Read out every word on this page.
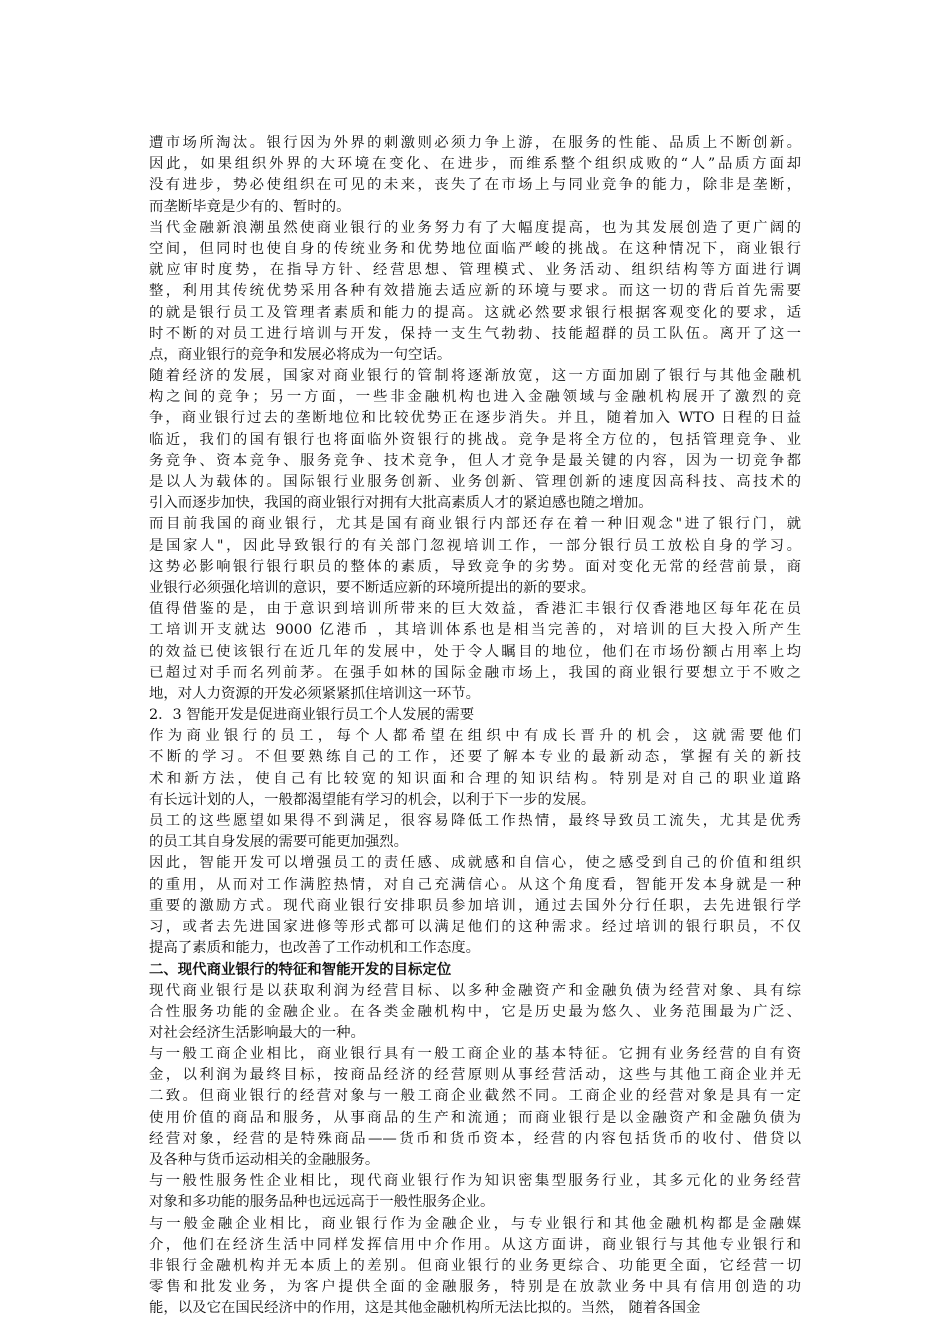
遭市场所淘汰。银行因为外界的刺激则必须力争上游，在服务的性能、品质上不断创新。
因此，如果组织外界的大环境在变化、在进步，而维系整个组织成败的“人”品质方面却
没有进步，势必使组织在可见的未来，丧失了在市场上与同业竞争的能力，除非是垄断，
而垄断毕竟是少有的、暂时的。
当代金融新浪潮虽然使商业银行的业务努力有了大幅度提高，也为其发展创造了更广阔的
空间，但同时也使自身的传统业务和优势地位面临严峻的挑战。在这种情况下，商业银行
就应审时度势，在指导方针、经营思想、管理模式、业务活动、组织结构等方面进行调
整，利用其传统优势采用各种有效措施去适应新的环境与要求。而这一切的背后首先需要
的就是银行员工及管理者素质和能力的提高。这就必然要求银行根据客观变化的要求，适
时不断的对员工进行培训与开发，保持一支生气勃勃、技能超群的员工队伍。离开了这一
点，商业银行的竞争和发展必将成为一句空话。
随着经济的发展，国家对商业银行的管制将逐渐放宽，这一方面加剧了银行与其他金融机
构之间的竞争；另一方面，一些非金融机构也进入金融领域与金融机构展开了激烈的竞
争，商业银行过去的垄断地位和比较优势正在逐步消失。并且，随着加入 WTO 日程的日益
临近，我们的国有银行也将面临外资银行的挑战。竞争是将全方位的，包括管理竞争、业
务竞争、资本竞争、服务竞争、技术竞争，但人才竞争是最关键的内容，因为一切竞争都
是以人为载体的。国际银行业服务创新、业务创新、管理创新的速度因高科技、高技术的
引入而逐步加快，我国的商业银行对拥有大批高素质人才的紧迫感也随之增加。
而目前我国的商业银行，尤其是国有商业银行内部还存在着一种旧观念"进了银行门，就
是国家人"，因此导致银行的有关部门忽视培训工作，一部分银行员工放松自身的学习。
这势必影响银行银行职员的整体的素质，导致竞争的劣势。面对变化无常的经营前景，商
业银行必须强化培训的意识，要不断适应新的环境所提出的新的要求。
值得借鉴的是，由于意识到培训所带来的巨大效益，香港汇丰银行仅香港地区每年花在员
工培训开支就达 9000 亿港币 ，其培训体系也是相当完善的，对培训的巨大投入所产生
的效益已使该银行在近几年的发展中，处于令人瞩目的地位，他们在市场份额占用率上均
已超过对手而名列前茅。在强手如林的国际金融市场上，我国的商业银行要想立于不败之
地，对人力资源的开发必须紧紧抓住培训这一环节。
2．3 智能开发是促进商业银行员工个人发展的需要
作为商业银行的员工，每个人都希望在组织中有成长晋升的机会，这就需要他们
不断的学习。不但要熟练自己的工作，还要了解本专业的最新动态，掌握有关的新技
术和新方法，使自己有比较宽的知识面和合理的知识结构。特别是对自己的职业道路
有长远计划的人，一般都渴望能有学习的机会，以利于下一步的发展。
员工的这些愿望如果得不到满足，很容易降低工作热情，最终导致员工流失，尤其是优秀
的员工其自身发展的需要可能更加强烈。
因此，智能开发可以增强员工的责任感、成就感和自信心，使之感受到自己的价值和组织
的重用，从而对工作满腔热情，对自己充满信心。从这个角度看，智能开发本身就是一种
重要的激励方式。现代商业银行安排职员参加培训，通过去国外分行任职，去先进银行学
习，或者去先进国家进修等形式都可以满足他们的这种需求。经过培训的银行职员，不仅
提高了素质和能力，也改善了工作动机和工作态度。
二、现代商业银行的特征和智能开发的目标定位
现代商业银行是以获取利润为经营目标、以多种金融资产和金融负债为经营对象、具有综
合性服务功能的金融企业。在各类金融机构中，它是历史最为悠久、业务范围最为广泛、
对社会经济生活影响最大的一种。
与一般工商企业相比，商业银行具有一般工商企业的基本特征。它拥有业务经营的自有资
金，以利润为最终目标，按商品经济的经营原则从事经营活动，这些与其他工商企业并无
二致。但商业银行的经营对象与一般工商企业截然不同。工商企业的经营对象是具有一定
使用价值的商品和服务，从事商品的生产和流通；而商业银行是以金融资产和金融负债为
经营对象，经营的是特殊商品——货币和货币资本，经营的内容包括货币的收付、借贷以
及各种与货币运动相关的金融服务。
与一般性服务性企业相比，现代商业银行作为知识密集型服务行业，其多元化的业务经营
对象和多功能的服务品种也远远高于一般性服务企业。
与一般金融企业相比，商业银行作为金融企业，与专业银行和其他金融机构都是金融媒
介，他们在经济生活中同样发挥信用中介作用。从这方面讲，商业银行与其他专业银行和
非银行金融机构并无本质上的差别。但商业银行的业务更综合、功能更全面，它经营一切
零售和批发业务，为客户提供全面的金融服务，特别是在放款业务中具有信用创造的功
能，以及它在国民经济中的作用，这是其他金融机构所无法比拟的。当然， 随着各国金
